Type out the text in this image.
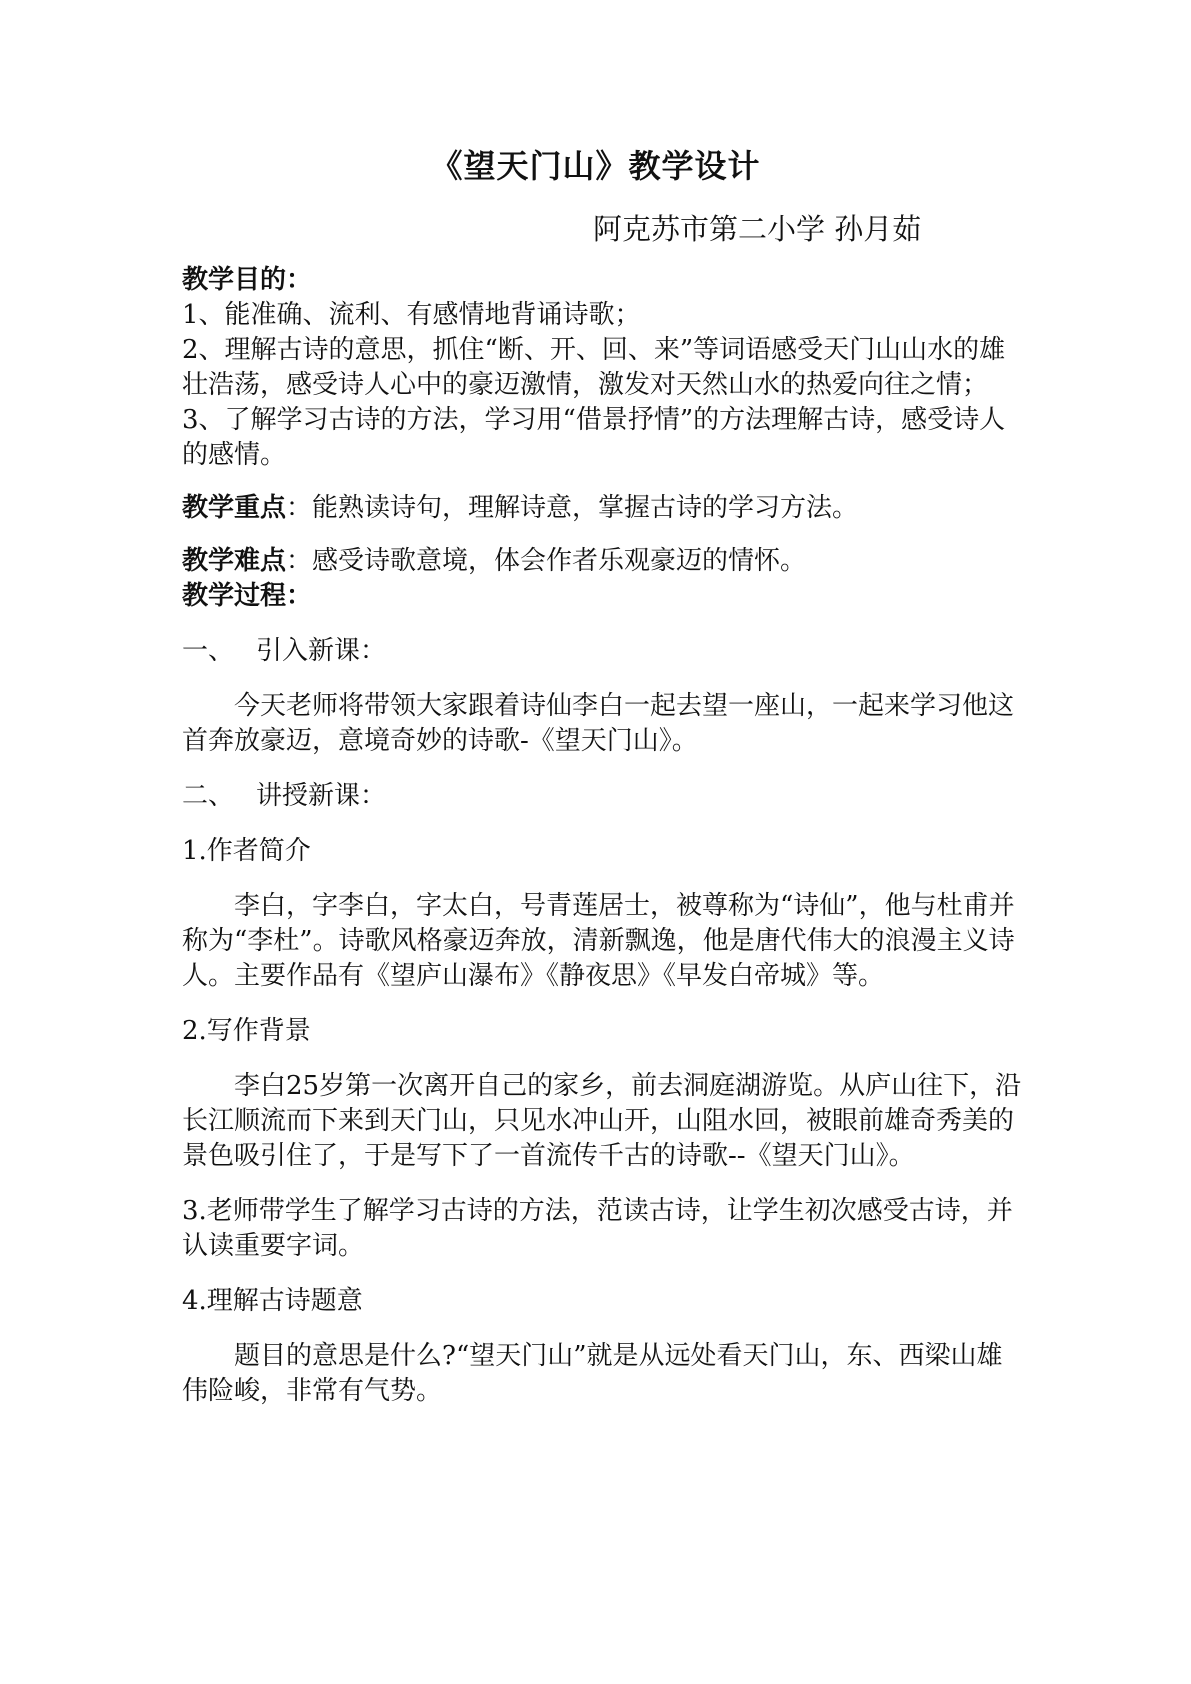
《望天门山》教学设计

阿克苏市第二小学 孙月茹

教学目的：

1、能准确、流利、有感情地背诵诗歌；

2、理解古诗的意思，抓住“断、开、回、来”等词语感受天门山山水的雄壮浩荡，感受诗人心中的豪迈激情，激发对天然山水的热爱向往之情；

3、了解学习古诗的方法，学习用“借景抒情”的方法理解古诗，感受诗人的感情。

教学重点：能熟读诗句，理解诗意，掌握古诗的学习方法。

教学难点：感受诗歌意境，体会作者乐观豪迈的情怀。

教学过程：

一、 引入新课：

今天老师将带领大家跟着诗仙李白一起去望一座山，一起来学习他这首奔放豪迈，意境奇妙的诗歌-《望天门山》。

二、 讲授新课：

1.作者简介

李白，字李白，字太白，号青莲居士，被尊称为“诗仙”，他与杜甫并称为“李杜”。诗歌风格豪迈奔放，清新飘逸，他是唐代伟大的浪漫主义诗人。主要作品有《望庐山瀑布》《静夜思》《早发白帝城》等。

2.写作背景

李白25岁第一次离开自己的家乡，前去洞庭湖游览。从庐山往下，沿长江顺流而下来到天门山，只见水冲山开，山阻水回，被眼前雄奇秀美的景色吸引住了，于是写下了一首流传千古的诗歌--《望天门山》。

3.老师带学生了解学习古诗的方法，范读古诗，让学生初次感受古诗，并认读重要字词。

4.理解古诗题意

题目的意思是什么?“望天门山”就是从远处看天门山，东、西梁山雄伟险峻，非常有气势。
